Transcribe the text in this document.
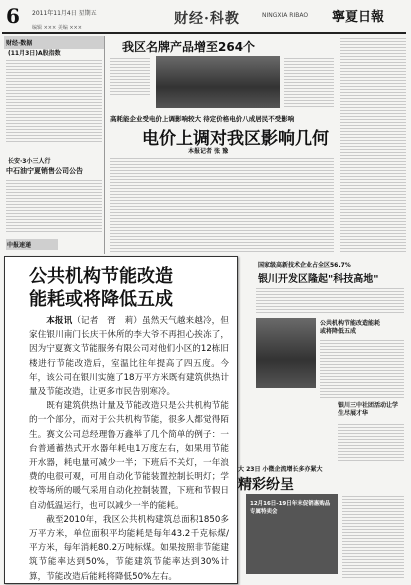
6 2011年11月4日 星期五	财经·科教	NINGXIA RIBAO 寧夏日報
编辑 ××× 美编 ×××
财经·数据
(11月3日)A股指数
长安·3小三人行
中石油宁夏销售公司公告
中报速递
我区名牌产品增至264个
高耗能企业受电价上调影响较大 待定价格电价八成居民不受影响
电价上调对我区影响几何
本报记者 张 豫
国家级高新技术企业占全区56.7%
银川开发区隆起"科技高地"
公共机构节能改造能耗或将降低五成
银川三中社团活动让学生尽展才华
大 23日 小微企流增长多亦紧大
精彩纷呈
12月16日-19日年末促销惠购品专属特卖会
公共机构节能改造
能耗或将降低五成

本报讯（记者　胥　莉）虽然天气越来越冷，但家住银川南门长庆干休所的李大爷不再担心挨冻了，因为宁夏赛文节能服务有限公司对他们小区的12栋旧楼进行节能改造后，室温比往年提高了四五度。今年，该公司在银川实施了18万平方米既有建筑供热计量及节能改造，让更多市民告别寒冷。

既有建筑供热计量及节能改造只是公共机构节能的一个部分，而对于公共机构节能，很多人都觉得陌生。赛文公司总经理鲁万鑫举了几个简单的例子：一台普通蓄热式开水器年耗电1万度左右，如果用节能开水器，耗电量可减少一半；下班后不关灯，一年浪费的电很可观，可用自动化节能装置控制长明灯；学校等场所的暖气采用自动化控制装置，下班和节假日自动低温运行，也可以减少一半的能耗。

截至2010年，我区公共机构建筑总面积1850多万平方米，单位面积平均能耗是每年43.2千克标煤/平方米，每年消耗80.2万吨标煤。如果按照非节能建筑节能率达到50%，节能建筑节能率达到30%计算，节能改造后能耗将降低50%左右。
